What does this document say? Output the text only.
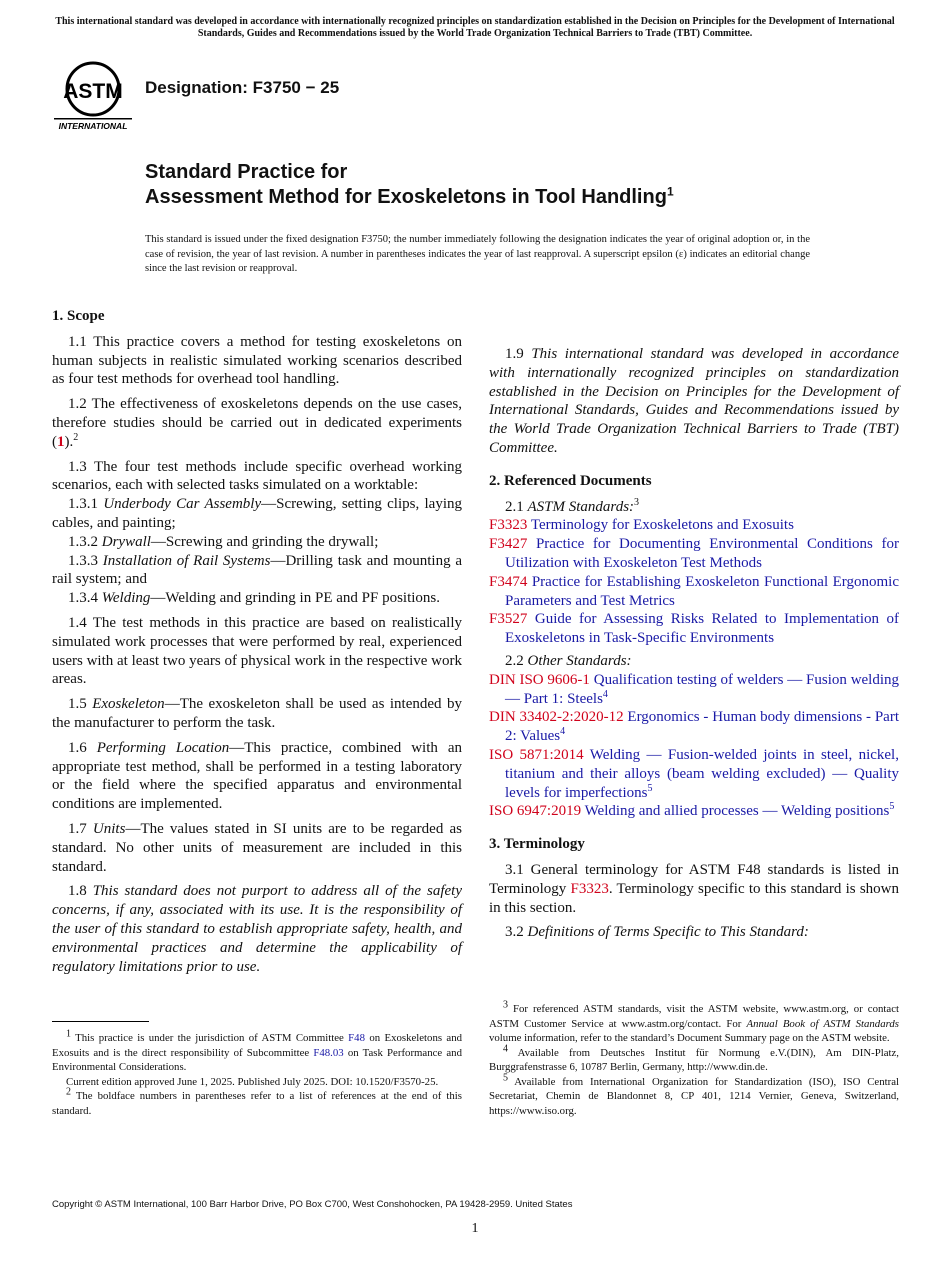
This international standard was developed in accordance with internationally recognized principles on standardization established in the Decision on Principles for the Development of International Standards, Guides and Recommendations issued by the World Trade Organization Technical Barriers to Trade (TBT) Committee.
ASTM
INTERNATIONAL
Designation: F3750 − 25
Standard Practice for
Assessment Method for Exoskeletons in Tool Handling$^1$
This standard is issued under the fixed designation F3750; the number immediately following the designation indicates the year of original adoption or, in the case of revision, the year of last revision. A number in parentheses indicates the year of last reapproval. A superscript epsilon (ε) indicates an editorial change since the last revision or reapproval.
1. Scope

1.1 This practice covers a method for testing exoskeletons on human subjects in realistic simulated working scenarios described as four test methods for overhead tool handling.

1.2 The effectiveness of exoskeletons depends on the use cases, therefore studies should be carried out in dedicated experiments (1).$^2$

1.3 The four test methods include specific overhead working scenarios, each with selected tasks simulated on a worktable:

1.3.1 Underbody Car Assembly—Screwing, setting clips, laying cables, and painting;

1.3.2 Drywall—Screwing and grinding the drywall;

1.3.3 Installation of Rail Systems—Drilling task and mounting a rail system; and

1.3.4 Welding—Welding and grinding in PE and PF positions.

1.4 The test methods in this practice are based on realistically simulated work processes that were performed by real, experienced users with at least two years of physical work in the respective work areas.

1.5 Exoskeleton—The exoskeleton shall be used as intended by the manufacturer to perform the task.

1.6 Performing Location—This practice, combined with an appropriate test method, shall be performed in a testing laboratory or the field where the specified apparatus and environmental conditions are implemented.

1.7 Units—The values stated in SI units are to be regarded as standard. No other units of measurement are included in this standard.

1.8 This standard does not purport to address all of the safety concerns, if any, associated with its use. It is the responsibility of the user of this standard to establish appropriate safety, health, and environmental practices and determine the applicability of regulatory limitations prior to use.

1.9 This international standard was developed in accordance with internationally recognized principles on standardization established in the Decision on Principles for the Development of International Standards, Guides and Recommendations issued by the World Trade Organization Technical Barriers to Trade (TBT) Committee.

2. Referenced Documents

2.1 ASTM Standards:$^3$

F3323 Terminology for Exoskeletons and Exosuits
F3427 Practice for Documenting Environmental Conditions for Utilization with Exoskeleton Test Methods
F3474 Practice for Establishing Exoskeleton Functional Ergonomic Parameters and Test Metrics
F3527 Guide for Assessing Risks Related to Implementation of Exoskeletons in Task-Specific Environments

2.2 Other Standards:

DIN ISO 9606-1 Qualification testing of welders — Fusion welding — Part 1: Steels$^4$
DIN 33402-2:2020-12 Ergonomics - Human body dimensions - Part 2: Values$^4$
ISO 5871:2014 Welding — Fusion-welded joints in steel, nickel, titanium and their alloys (beam welding excluded) — Quality levels for imperfections$^5$
ISO 6947:2019 Welding and allied processes — Welding positions$^5$
3. Terminology

3.1 General terminology for ASTM F48 standards is listed in Terminology F3323. Terminology specific to this standard is shown in this section.

3.2 Definitions of Terms Specific to This Standard:

$^1$ This practice is under the jurisdiction of ASTM Committee F48 on Exoskeletons and Exosuits and is the direct responsibility of Subcommittee F48.03 on Task Performance and Environmental Considerations.

Current edition approved June 1, 2025. Published July 2025. DOI: 10.1520/F3570-25.

$^2$ The boldface numbers in parentheses refer to a list of references at the end of this standard.

$^3$ For referenced ASTM standards, visit the ASTM website, www.astm.org, or contact ASTM Customer Service at www.astm.org/contact. For Annual Book of ASTM Standards volume information, refer to the standard’s Document Summary page on the ASTM website.

$^4$ Available from Deutsches Institut für Normung e.V.(DIN), Am DIN-Platz, Burggrafenstrasse 6, 10787 Berlin, Germany, http://www.din.de.

$^5$ Available from International Organization for Standardization (ISO), ISO Central Secretariat, Chemin de Blandonnet 8, CP 401, 1214 Vernier, Geneva, Switzerland, https://www.iso.org.

Copyright © ASTM International, 100 Barr Harbor Drive, PO Box C700, West Conshohocken, PA 19428-2959. United States
1
